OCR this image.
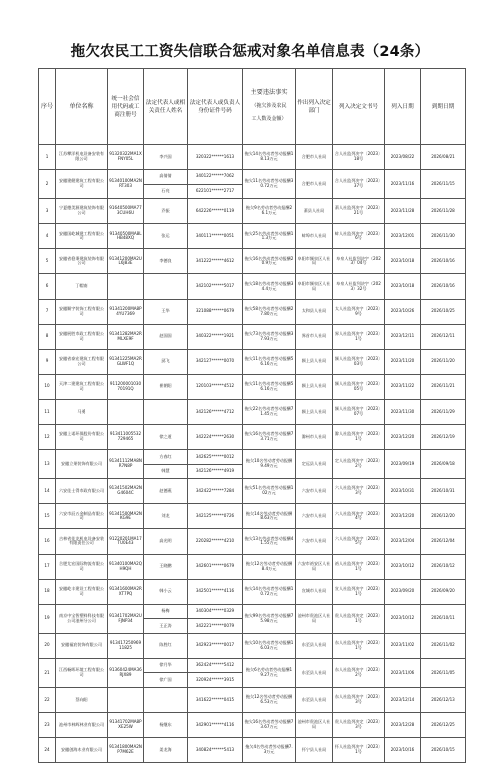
拖欠农民工工资失信联合惩戒对象名单信息表（24条）
序号	单位名称	统一社会信用代码或工商注册号	法定代表人或相关责任人姓名	法定代表人或负责人身份证件号码	主要违法事实
（拖欠涉及农民
工人数及金额）	作出列入决定部门	列入决定文书号	列入日期	到期日期
1	江苏攀洋机电设备安装有限公司	91320322MA1XFNY05L	李兴国	320322******1613	拖欠14名劳动者劳动报酬18.13万元	合肥市人社局	合人社监列决字〔2023〕18号	2023/08/22	2026/08/21
2	安徽建健建筑工程有限公司	91340100MA2NRT303	高倩倩	340122******7062	拖欠11名劳动者劳动报酬30.72万元	合肥市人社局	合人社监列决字〔2023〕37号	2023/11/16	2026/11/15
			石亮	622101******2717					
3	宁夏德美源建筑装饰有限公司	91640500MA773CUH6U	乔振	642226******0119	拖欠9名劳动者劳动报酬26.1万元	萧县人社局	萧人社监列决字〔2023〕21号	2023/11/28	2026/11/28
4	安徽国屹城建工程有限公司	91340500MA8LHB48XQ	张运	340111******0051	拖欠25名劳动者劳动报酬11.3万元	蚌埠市人社局	蚌人社监列决字〔2023〕6号	2023/12/01	2026/11/30
5	安徽省稳秉建筑装饰有限公司	91341200MA2UL6J83E	李德良	341222******4612	拖欠16名劳动者劳动报酬20.9万元	阜阳市颍泉区人社局	阜泉人社监列决字（2023）04号	2023/10/18	2026/10/16
6	丁帽南			342102******5017	拖欠18名劳动者劳动报酬34.4万元	阜阳市颍泉区人社局	阜泉人社监列决字（2023）32号	2023/10/18	2026/10/16
7	安徽顺宇装饰工程有限公司	91341200MA8P4YU7369	王华	321088******0679	拖欠58名劳动者劳动报酬27.80万元	太和县人社局	太人社监列决字〔2023〕9号	2023/10/26	2026/10/25
8	安徽展胜市政工程有限公司	91341282MA2RMLXE9F	赵国国	340322******1921	拖欠73名劳动者劳动报酬37.93万元	界首市人社局	界人社监列决字〔2023〕1号	2023/12/11	2026/12/11
9	安徽省泰宏建筑工程有限公司	91341225MA2RGLWF1Q	邱飞	342127******0070	拖欠11名劳动者劳动报酬56.16万元	颍上县人社局	颍人社监列决字〔2023〕03号	2023/11/20	2026/11/20
10	天津二建建筑工程有限公司	91120000103070191Q	崔朝阳	120103******4512	拖欠11名劳动者劳动报酬56.16万元	颍上县人社局	颍人社监列决字〔2023〕05号	2023/11/22	2026/11/21
11	马勇			342126******4712	拖欠22名劳动者劳动报酬71.45万元	颍上县人社局	颍人社监列决字〔2023〕07号	2023/11/30	2026/11/29
12	安徽上诺环保股份有限公司	913411005532729465	徐之道	342224******2630	拖欠16名劳动者劳动报酬73.71万元	滁州市人社局	滁人社监列决字〔2023〕1号	2023/12/20	2026/12/19
13	安徽立果装饰有限公司	91341112MA8NR7N8P	方春红	342625******0012	拖欠10名劳动者劳动报酬9.49万元	定远县人社局	定人社监列决字〔2023〕2号	2023/09/19	2026/09/18
			韩慧	342126******4919					
14	六安佳士得市政有限公司	91341502MA2NG4604C	赵德燕	342422******7284	拖欠51名劳动者劳动报酬102万元	六安市人社局	六人社监列决字〔2023〕3号	2023/10/31	2026/10/31
15	六安市辰五金制品有限公司	91341500MA2NKG9E	刘龙	342125******0726	拖欠14名劳动者劳动报酬8.63万元	六安市人社局	六人社监列决字〔2023〕4号	2023/12/20	2026/12/20
16	吉林省佳龙机电设备安装有限责任公司	91220201MA17TU0E43	高光明	220282******4210	拖欠13名劳动者劳动报酬41.55万元	六安市人社局	六人社监列决字〔2023〕5号	2023/12/04	2026/12/04
17	合肥尤宏国际物流有限公司	91340100MA2QH9QH	王晓鹏	342601******0679	拖欠12名劳动者劳动报酬8.4万元	六安市裕安区人社局	裕人社监列决字〔2023〕1号	2023/10/12	2026/10/12
18	安徽屹丰建设工程有限公司	91341600MA2RXT7PQ	韩小云	342501******4116	拖欠14名劳动者劳动报酬10.72万元	宣城市人社局	宣人社监列决字〔2023〕1号	2023/09/20	2026/09/20
19	南京中宝智塑料科技有限公司池州分公司	91341702MA2UFJNP34	杨梅	340304******0329	拖欠99名劳动者劳动报酬75.98万元	池州市贵池区人社局	贵人社监列决定〔2023〕1号	2023/10/12	2026/10/11
			王正涛	342221******0079					
20	安徽福宸装饰有限公司	91341725096911825	陈胜红	342923******0017	拖欠10名劳动者劳动报酬16.03万元	东至县人社局	东人社监列决字〔2023〕1号	2023/11/02	2026/11/02
21	江西畅晖环境工程有限公司	91360424MA36RJX89	徐月华	362424******5412	拖欠6名劳动者劳动报酬19.27万元	东至县人社局	东人社监列决字〔2023〕2号	2023/11/06	2026/11/05
			徐广国	320924******3915					
22	蔡向阳			341622******0415	拖欠12名劳动者劳动报酬6.53万元	东至县人社局	东人社监列决字〔2023〕3号	2023/12/14	2026/12/13
23	池州市林辉林业有限公司	91341702MA8PXE25W	杨继东	342901******4116	拖欠16名劳动者劳动报酬73.67万元	池州市贵池区人社局	贵人社监列决定〔2023〕3号	2023/12/28	2026/12/25
24	安徽创海木业有限公司	91341800MA2NP7M62E	姜龙海	340824******5413	拖欠4名劳动者劳动报酬7.3万元	怀宁县人社局	怀人社监列决字〔2023〕1号	2023/10/16	2026/10/15
